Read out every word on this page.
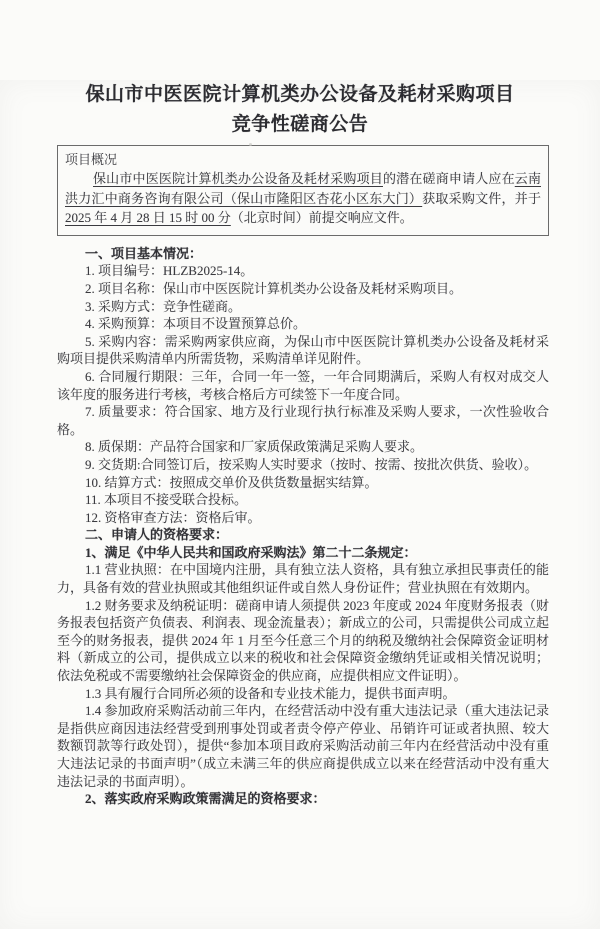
保山市中医医院计算机类办公设备及耗材采购项目
竞争性磋商公告
项目概况

保山市中医医院计算机类办公设备及耗材采购项目的潜在磋商申请人应在云南洪力汇中商务咨询有限公司（保山市隆阳区杏花小区东大门）获取采购文件，并于 2025 年 4 月 28 日 15 时 00 分（北京时间）前提交响应文件。

一、项目基本情况：

1. 项目编号：HLZB2025-14。

2. 项目名称：保山市中医医院计算机类办公设备及耗材采购项目。

3. 采购方式：竞争性磋商。

4. 采购预算：本项目不设置预算总价。

5. 采购内容：需采购两家供应商，为保山市中医医院计算机类办公设备及耗材采购项目提供采购清单内所需货物，采购清单详见附件。

6. 合同履行期限：三年，合同一年一签，一年合同期满后，采购人有权对成交人该年度的服务进行考核，考核合格后方可续签下一年度合同。

7. 质量要求：符合国家、地方及行业现行执行标准及采购人要求，一次性验收合格。

8. 质保期：产品符合国家和厂家质保政策满足采购人要求。

9. 交货期:合同签订后，按采购人实时要求（按时、按需、按批次供货、验收）。

10. 结算方式：按照成交单价及供货数量据实结算。

11. 本项目不接受联合投标。

12. 资格审查方法：资格后审。

二、申请人的资格要求：

1、满足《中华人民共和国政府采购法》第二十二条规定：

1.1 营业执照：在中国境内注册，具有独立法人资格，具有独立承担民事责任的能力，具备有效的营业执照或其他组织证件或自然人身份证件；营业执照在有效期内。

1.2 财务要求及纳税证明：磋商申请人须提供 2023 年度或 2024 年度财务报表（财务报表包括资产负债表、利润表、现金流量表）；新成立的公司，只需提供公司成立起至今的财务报表，提供 2024 年 1 月至今任意三个月的纳税及缴纳社会保障资金证明材料（新成立的公司，提供成立以来的税收和社会保障资金缴纳凭证或相关情况说明；依法免税或不需要缴纳社会保障资金的供应商，应提供相应文件证明）。

1.3 具有履行合同所必须的设备和专业技术能力，提供书面声明。

1.4 参加政府采购活动前三年内，在经营活动中没有重大违法记录（重大违法记录是指供应商因违法经营受到刑事处罚或者责令停产停业、吊销许可证或者执照、较大数额罚款等行政处罚），提供“参加本项目政府采购活动前三年内在经营活动中没有重大违法记录的书面声明”（成立未满三年的供应商提供成立以来在经营活动中没有重大违法记录的书面声明）。

2、落实政府采购政策需满足的资格要求：
